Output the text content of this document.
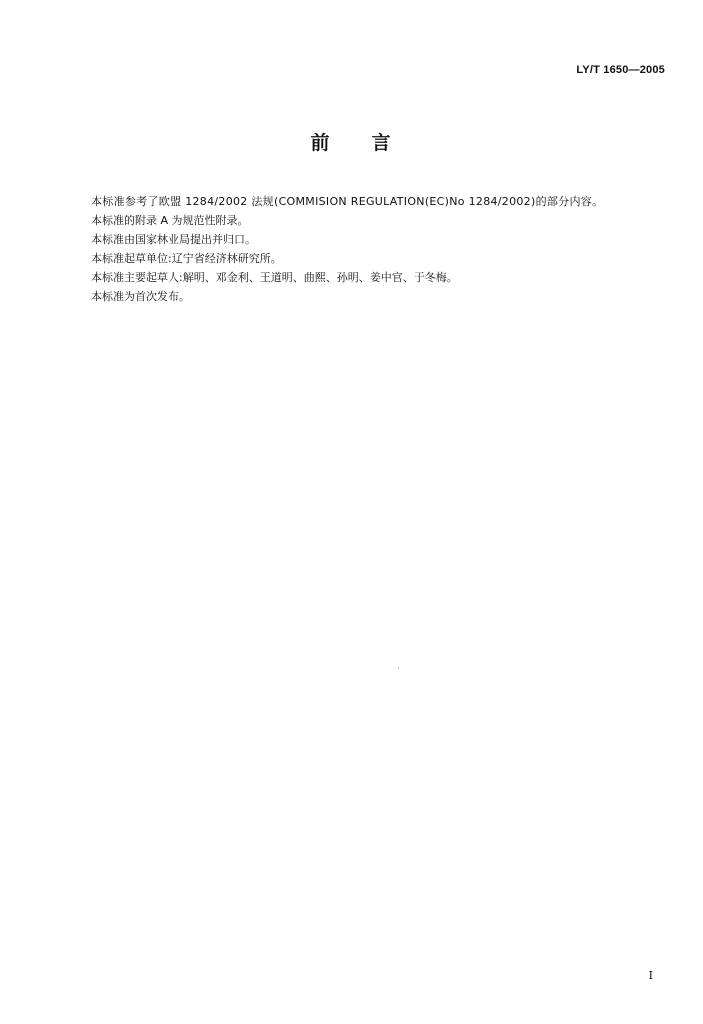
LY/T 1650—2005
前 言

本标准参考了欧盟 1284/2002 法规(COMMISION REGULATION(EC)No 1284/2002)的部分内容。

本标准的附录 A 为规范性附录。

本标准由国家林业局提出并归口。

本标准起草单位:辽宁省经济林研究所。

本标准主要起草人:解明、邓金利、王道明、曲熙、孙明、姜中官、于冬梅。

本标准为首次发布。

I
